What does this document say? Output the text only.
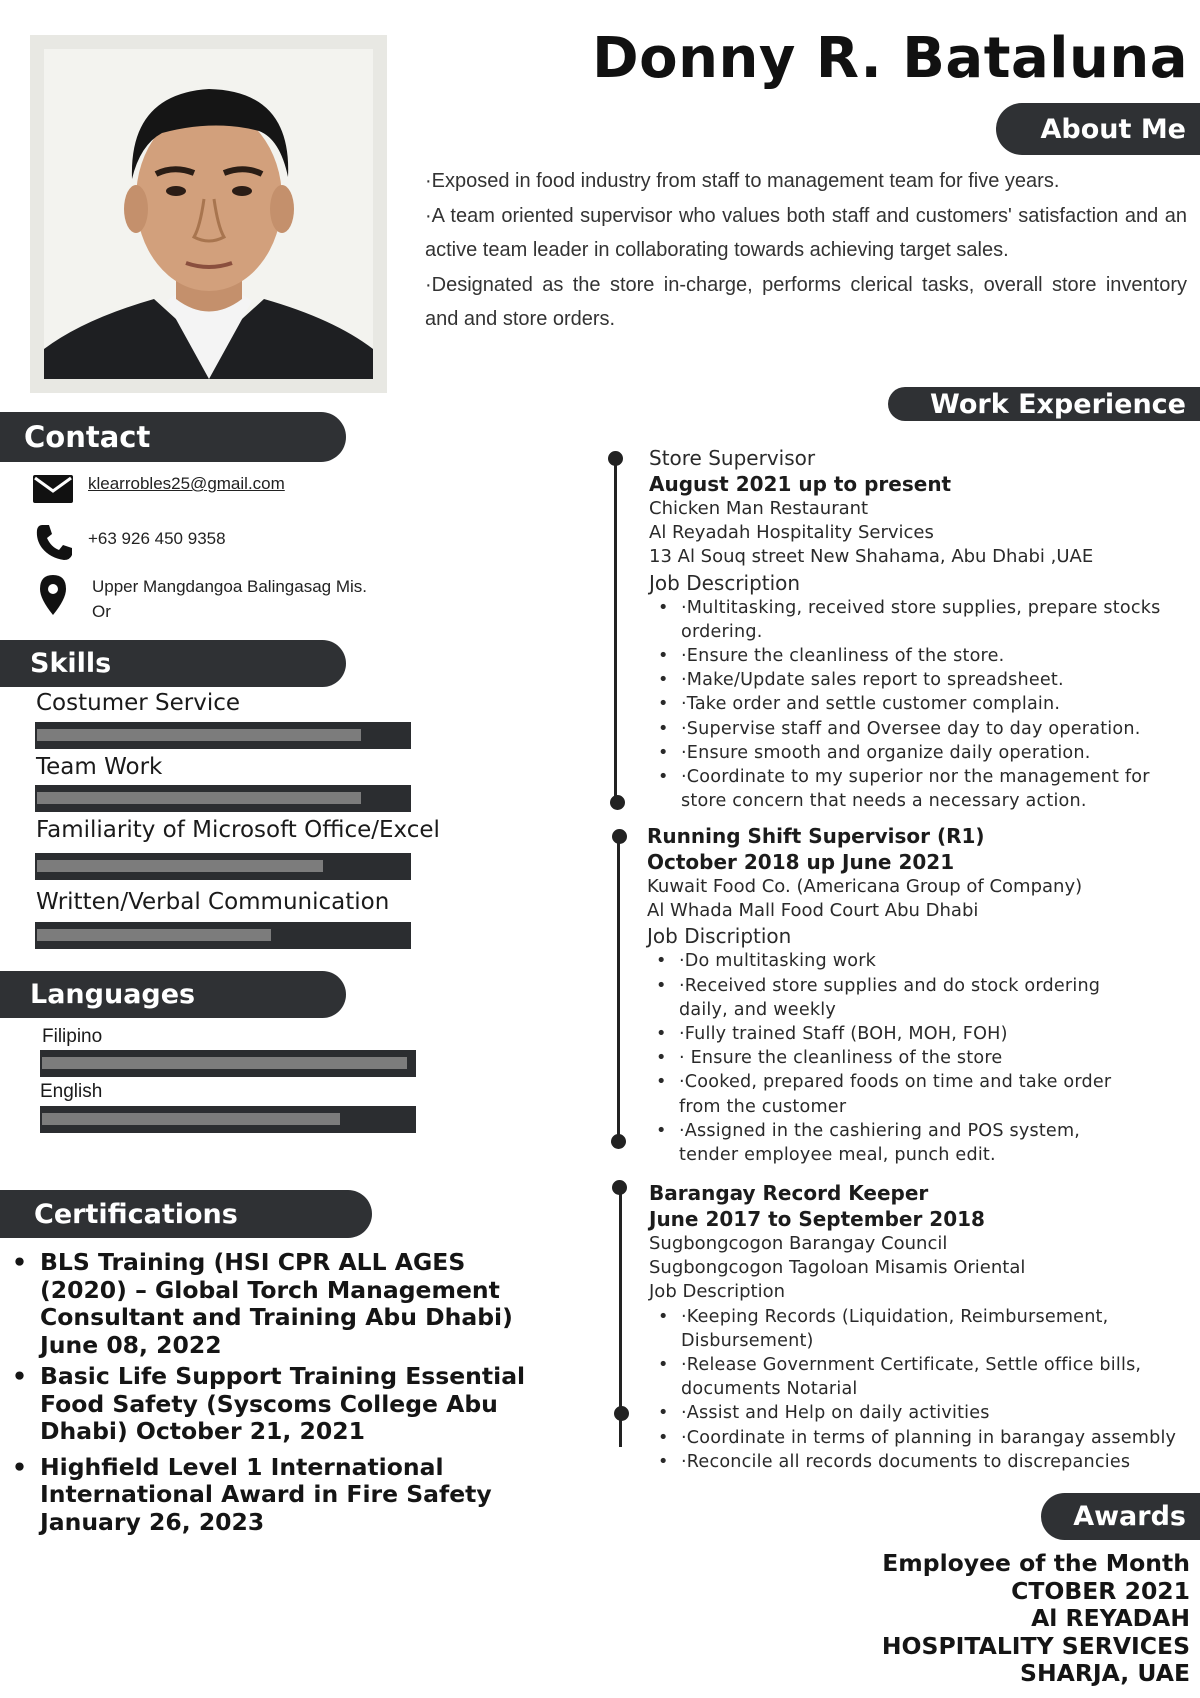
Donny R. Bataluna
About Me

·Exposed in food industry from staff to management team for five years.

·A team oriented supervisor who values both staff and customers' satisfaction and an active team leader in collaborating towards achieving target sales.

·Designated as the store in-charge, performs clerical tasks, overall store inventory and and store orders.

Contact
klearrobles25@gmail.com
+63 926 450 9358
Upper Mangdangoa Balingasag Mis.
Or
Skills
Costumer Service
Team Work
Familiarity of Microsoft Office/Excel
Written/Verbal Communication
Languages
Filipino
English
Certifications
• BLS Training (HSI CPR ALL AGES
(2020) – Global Torch Management
Consultant and Training Abu Dhabi)
June 08, 2022
• Basic Life Support Training Essential
Food Safety (Syscoms College Abu
Dhabi) October 21, 2021
• Highfield Level 1 International
International Award in Fire Safety
January 26, 2023
Work Experience
Store Supervisor
August 2021 up to present
Chicken Man Restaurant
Al Reyadah Hospitality Services
13 Al Souq street New Shahama, Abu Dhabi ,UAE
Job Description
• ·Multitasking, received store supplies, prepare stocks
ordering.
• ·Ensure the cleanliness of the store.
• ·Make/Update sales report to spreadsheet.
• ·Take order and settle customer complain.
• ·Supervise staff and Oversee day to day operation.
• ·Ensure smooth and organize daily operation.
• ·Coordinate to my superior nor the management for
store concern that needs a necessary action.
Running Shift Supervisor (R1)
October 2018 up June 2021
Kuwait Food Co. (Americana Group of Company)
Al Whada Mall Food Court Abu Dhabi
Job Discription
• ·Do multitasking work
• ·Received store supplies and do stock ordering
daily, and weekly
• ·Fully trained Staff (BOH, MOH, FOH)
• · Ensure the cleanliness of the store
• ·Cooked, prepared foods on time and take order
from the customer
• ·Assigned in the cashiering and POS system,
tender employee meal, punch edit.
Barangay Record Keeper
June 2017 to September 2018
Sugbongcogon Barangay Council
Sugbongcogon Tagoloan Misamis Oriental
Job Description
• ·Keeping Records (Liquidation, Reimbursement,
Disbursement)
• ·Release Government Certificate, Settle office bills,
documents Notarial
• ·Assist and Help on daily activities
• ·Coordinate in terms of planning in barangay assembly
• ·Reconcile all records documents to discrepancies
Awards
Employee of the Month
CTOBER 2021
Al REYADAH
HOSPITALITY SERVICES
SHARJA, UAE
